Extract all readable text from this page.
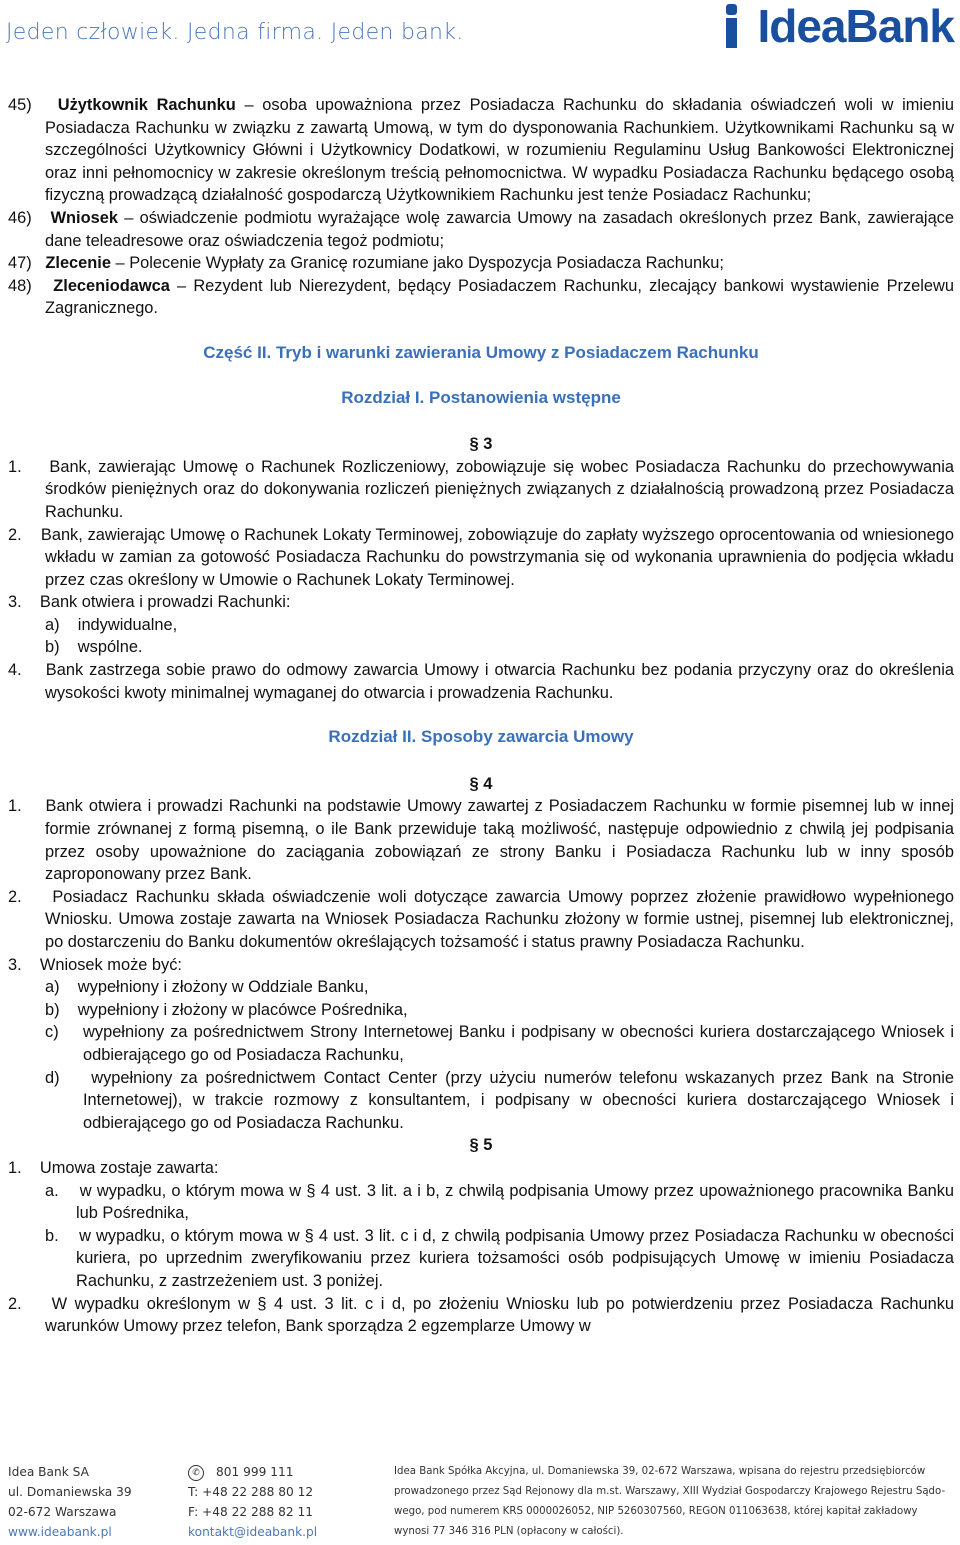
Jeden człowiek. Jedna firma. Jeden bank.	IdeaBank

45) Użytkownik Rachunku – osoba upoważniona przez Posiadacza Rachunku do składania oświadczeń woli w imieniu Posiadacza Rachunku w związku z zawartą Umową, w tym do dysponowania Rachunkiem. Użytkownikami Rachunku są w szczególności Użytkownicy Główni i Użytkownicy Dodatkowi, w rozumieniu Regulaminu Usług Bankowości Elektronicznej oraz inni pełnomocnicy w zakresie określonym treścią pełnomocnictwa. W wypadku Posiadacza Rachunku będącego osobą fizyczną prowadzącą działalność gospodarczą Użytkownikiem Rachunku jest tenże Posiadacz Rachunku;

46) Wniosek – oświadczenie podmiotu wyrażające wolę zawarcia Umowy na zasadach określonych przez Bank, zawierające dane teleadresowe oraz oświadczenia tegoż podmiotu;

47) Zlecenie – Polecenie Wypłaty za Granicę rozumiane jako Dyspozycja Posiadacza Rachunku;

48) Zleceniodawca – Rezydent lub Nierezydent, będący Posiadaczem Rachunku, zlecający bankowi wystawienie Przelewu Zagranicznego.

Część II. Tryb i warunki zawierania Umowy z Posiadaczem Rachunku

Rozdział I. Postanowienia wstępne

§ 3

1. Bank, zawierając Umowę o Rachunek Rozliczeniowy, zobowiązuje się wobec Posiadacza Rachunku do przechowywania środków pieniężnych oraz do dokonywania rozliczeń pieniężnych związanych z działalnością prowadzoną przez Posiadacza Rachunku.

2. Bank, zawierając Umowę o Rachunek Lokaty Terminowej, zobowiązuje do zapłaty wyższego oprocentowania od wniesionego wkładu w zamian za gotowość Posiadacza Rachunku do powstrzymania się od wykonania uprawnienia do podjęcia wkładu przez czas określony w Umowie o Rachunek Lokaty Terminowej.

3. Bank otwiera i prowadzi Rachunki:

a) indywidualne,

b) wspólne.

4. Bank zastrzega sobie prawo do odmowy zawarcia Umowy i otwarcia Rachunku bez podania przyczyny oraz do określenia wysokości kwoty minimalnej wymaganej do otwarcia i prowadzenia Rachunku.

Rozdział II. Sposoby zawarcia Umowy

§ 4

1. Bank otwiera i prowadzi Rachunki na podstawie Umowy zawartej z Posiadaczem Rachunku w formie pisemnej lub w innej formie zrównanej z formą pisemną, o ile Bank przewiduje taką możliwość, następuje odpowiednio z chwilą jej podpisania przez osoby upoważnione do zaciągania zobowiązań ze strony Banku i Posiadacza Rachunku lub w inny sposób zaproponowany przez Bank.

2. Posiadacz Rachunku składa oświadczenie woli dotyczące zawarcia Umowy poprzez złożenie prawidłowo wypełnionego Wniosku. Umowa zostaje zawarta na Wniosek Posiadacza Rachunku złożony w formie ustnej, pisemnej lub elektronicznej, po dostarczeniu do Banku dokumentów określających tożsamość i status prawny Posiadacza Rachunku.

3. Wniosek może być:

a) wypełniony i złożony w Oddziale Banku,

b) wypełniony i złożony w placówce Pośrednika,

c) wypełniony za pośrednictwem Strony Internetowej Banku i podpisany w obecności kuriera dostarczającego Wniosek i odbierającego go od Posiadacza Rachunku,

d) wypełniony za pośrednictwem Contact Center (przy użyciu numerów telefonu wskazanych przez Bank na Stronie Internetowej), w trakcie rozmowy z konsultantem, i podpisany w obecności kuriera dostarczającego Wniosek i odbierającego go od Posiadacza Rachunku.

§ 5

1. Umowa zostaje zawarta:

a. w wypadku, o którym mowa w § 4 ust. 3 lit. a i b, z chwilą podpisania Umowy przez upoważnionego pracownika Banku lub Pośrednika,

b. w wypadku, o którym mowa w § 4 ust. 3 lit. c i d, z chwilą podpisania Umowy przez Posiadacza Rachunku w obecności kuriera, po uprzednim zweryfikowaniu przez kuriera tożsamości osób podpisujących Umowę w imieniu Posiadacza Rachunku, z zastrzeżeniem ust. 3 poniżej.

2. W wypadku określonym w § 4 ust. 3 lit. c i d, po złożeniu Wniosku lub po potwierdzeniu przez Posiadacza Rachunku warunków Umowy przez telefon, Bank sporządza 2 egzemplarze Umowy w

Idea Bank SA
ul. Domaniewska 39
02-672 Warszawa
www.ideabank.pl
✆ 801 999 111
T: +48 22 288 80 12
F: +48 22 288 82 11
kontakt@ideabank.pl
Idea Bank Spółka Akcyjna, ul. Domaniewska 39, 02-672 Warszawa, wpisana do rejestru przedsiębiorców
prowadzonego przez Sąd Rejonowy dla m.st. Warszawy, XIII Wydział Gospodarczy Krajowego Rejestru Sądo-
wego, pod numerem KRS 0000026052, NIP 5260307560, REGON 011063638, której kapitał zakładowy
wynosi 77 346 316 PLN (opłacony w całości).
